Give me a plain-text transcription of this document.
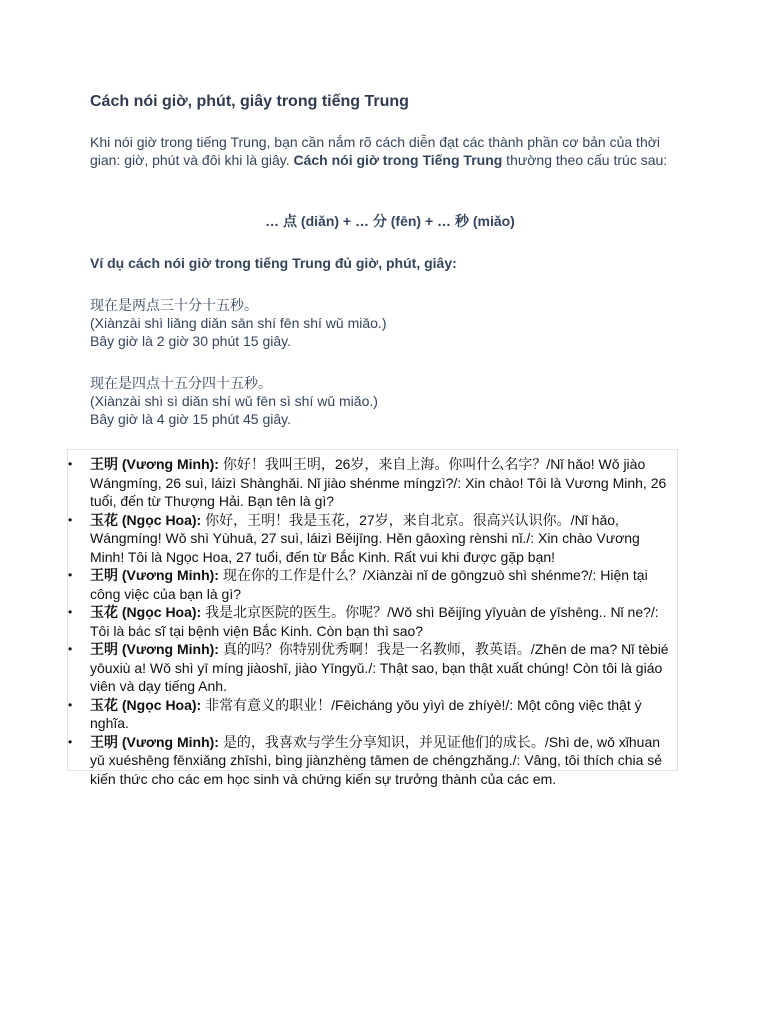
Cách nói giờ, phút, giây trong tiếng Trung
Khi nói giờ trong tiếng Trung, bạn cần nắm rõ cách diễn đạt các thành phần cơ bản của thời gian: giờ, phút và đôi khi là giây. Cách nói giờ trong Tiếng Trung thường theo cấu trúc sau:
… 点 (diǎn) + … 分 (fēn) + … 秒 (miǎo)
Ví dụ cách nói giờ trong tiếng Trung đủ giờ, phút, giây:
现在是两点三十分十五秒。
(Xiànzài shì liǎng diǎn sān shí fēn shí wǔ miǎo.)
Bây giờ là 2 giờ 30 phút 15 giây.
现在是四点十五分四十五秒。
(Xiànzài shì sì diǎn shí wǔ fēn sì shí wǔ miǎo.)
Bây giờ là 4 giờ 15 phút 45 giây.
• 王明 (Vương Minh): 你好！我叫王明，26岁，来自上海。你叫什么名字？/Nǐ hǎo! Wǒ jiào Wángmíng, 26 suì, láizì Shànghǎi. Nǐ jiào shénme míngzì?/: Xin chào! Tôi là Vương Minh, 26 tuổi, đến từ Thượng Hải. Bạn tên là gì?
• 玉花 (Ngọc Hoa): 你好，王明！我是玉花，27岁，来自北京。很高兴认识你。/Nǐ hǎo, Wángmíng! Wǒ shì Yùhuā, 27 suì, láizì Běijīng. Hěn gāoxìng rènshi nǐ./: Xin chào Vương Minh! Tôi là Ngọc Hoa, 27 tuổi, đến từ Bắc Kinh. Rất vui khi được gặp bạn!
• 王明 (Vương Minh): 现在你的工作是什么？/Xiànzài nǐ de gōngzuò shì shénme?/: Hiện tại công việc của bạn là gì?
• 玉花 (Ngọc Hoa): 我是北京医院的医生。你呢？/Wǒ shì Běijīng yīyuàn de yīshēng.. Nǐ ne?/: Tôi là bác sĩ tại bệnh viện Bắc Kinh. Còn bạn thì sao?
• 王明 (Vương Minh): 真的吗？你特别优秀啊！我是一名教师，教英语。/Zhēn de ma? Nǐ tèbié yōuxiù a! Wǒ shì yī míng jiàoshī, jiào Yīngyǔ./: Thật sao, bạn thật xuất chúng! Còn tôi là giáo viên và dạy tiếng Anh.
• 玉花 (Ngọc Hoa): 非常有意义的职业！/Fēicháng yǒu yìyì de zhíyè!/: Một công việc thật ý nghĩa.
• 王明 (Vương Minh): 是的，我喜欢与学生分享知识，并见证他们的成长。/Shì de, wǒ xǐhuan yǔ xuéshēng fēnxiǎng zhīshì, bìng jiànzhèng tāmen de chéngzhǎng./: Vâng, tôi thích chia sẻ kiến thức cho các em học sinh và chứng kiến sự trưởng thành của các em.
